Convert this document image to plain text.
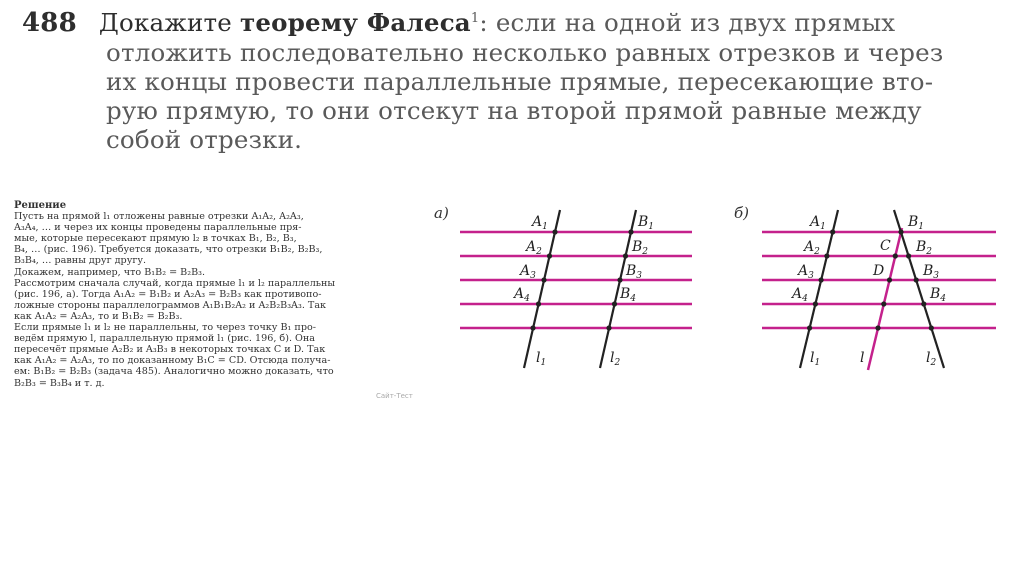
488 Докажите теорему Фалеса$^1$: если на одной из двух прямых
отложить последовательно несколько равных отрезков и через
их концы провести параллельные прямые, пересекающие вто-
рую прямую, то они отсекут на второй прямой равные между
собой отрезки.
Решение
Пусть на прямой l₁ отложены равные отрезки A₁A₂, A₂A₃,
A₃A₄, … и через их концы проведены параллельные пря-
мые, которые пересекают прямую l₂ в точках B₁, B₂, B₃,
B₄, … (рис. 196). Требуется доказать, что отрезки B₁B₂, B₂B₃,
B₃B₄, … равны друг другу.
Докажем, например, что B₁B₂ = B₂B₃.
Рассмотрим сначала случай, когда прямые l₁ и l₂ параллельны
(рис. 196, а). Тогда A₁A₂ = B₁B₂ и A₂A₃ = B₂B₃ как противопо-
ложные стороны параллелограммов A₁B₁B₂A₂ и A₂B₂B₃A₃. Так
как A₁A₂ = A₂A₃, то и B₁B₂ = B₂B₃.
Если прямые l₁ и l₂ не параллельны, то через точку B₁ про-
ведём прямую l, параллельную прямой l₁ (рис. 196, б). Она
пересечёт прямые A₂B₂ и A₃B₃ в некоторых точках C и D. Так
как A₁A₂ = A₂A₃, то по доказанному B₁C = CD. Отсюда получа-
ем: B₁B₂ = B₂B₃ (задача 485). Аналогично можно доказать, что
B₂B₃ = B₃B₄ и т. д.
Сайт-Тест
а)	$A_1$
$A_2$
$A_3$
$A_4$
$B_1$
$B_2$
$B_3$
$B_4$
$l_1$	$l_2$
б)	$A_1$
$A_2$
$A_3$
$A_4$
$B_1$
$B_2$
$B_3$
$B_4$
C
D
$l_1$	l	$l_2$
